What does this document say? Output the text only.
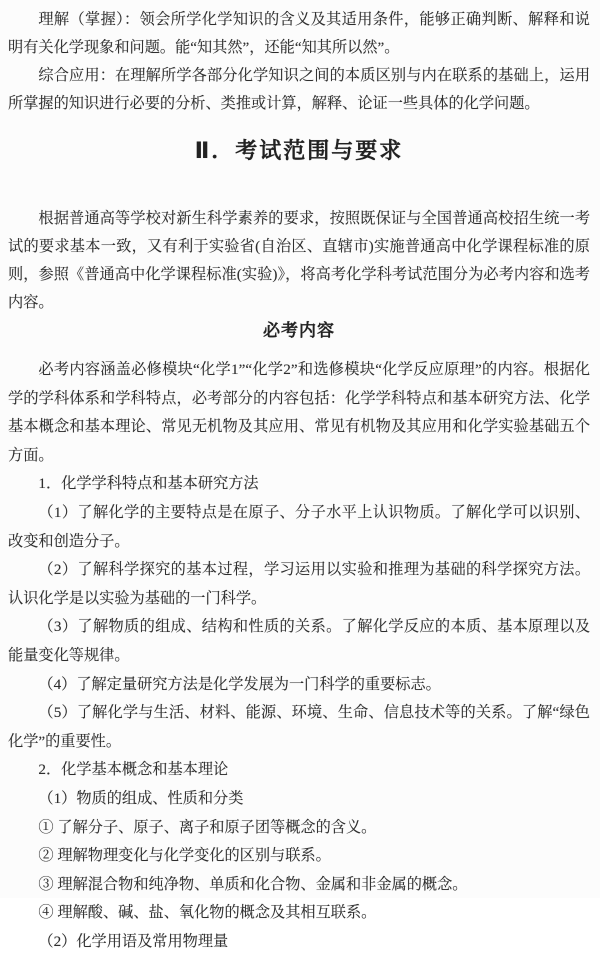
理解（掌握）：领会所学化学知识的含义及其适用条件，能够正确判断、解释和说明有关化学现象和问题。能“知其然”，还能“知其所以然”。

综合应用：在理解所学各部分化学知识之间的本质区别与内在联系的基础上，运用所掌握的知识进行必要的分析、类推或计算，解释、论证一些具体的化学问题。

Ⅱ．考试范围与要求

根据普通高等学校对新生科学素养的要求，按照既保证与全国普通高校招生统一考试的要求基本一致，又有利于实验省(自治区、直辖市)实施普通高中化学课程标准的原则，参照《普通高中化学课程标准(实验)》，将高考化学科考试范围分为必考内容和选考内容。

必考内容

必考内容涵盖必修模块“化学1”“化学2”和选修模块“化学反应原理”的内容。根据化学的学科体系和学科特点，必考部分的内容包括：化学学科特点和基本研究方法、化学基本概念和基本理论、常见无机物及其应用、常见有机物及其应用和化学实验基础五个方面。

1．化学学科特点和基本研究方法

（1）了解化学的主要特点是在原子、分子水平上认识物质。了解化学可以识别、改变和创造分子。

（2）了解科学探究的基本过程，学习运用以实验和推理为基础的科学探究方法。认识化学是以实验为基础的一门科学。

（3）了解物质的组成、结构和性质的关系。了解化学反应的本质、基本原理以及能量变化等规律。

（4）了解定量研究方法是化学发展为一门科学的重要标志。

（5）了解化学与生活、材料、能源、环境、生命、信息技术等的关系。了解“绿色化学”的重要性。

2．化学基本概念和基本理论

（1）物质的组成、性质和分类

① 了解分子、原子、离子和原子团等概念的含义。

② 理解物理变化与化学变化的区别与联系。

③ 理解混合物和纯净物、单质和化合物、金属和非金属的概念。

④ 理解酸、碱、盐、氧化物的概念及其相互联系。

（2）化学用语及常用物理量
